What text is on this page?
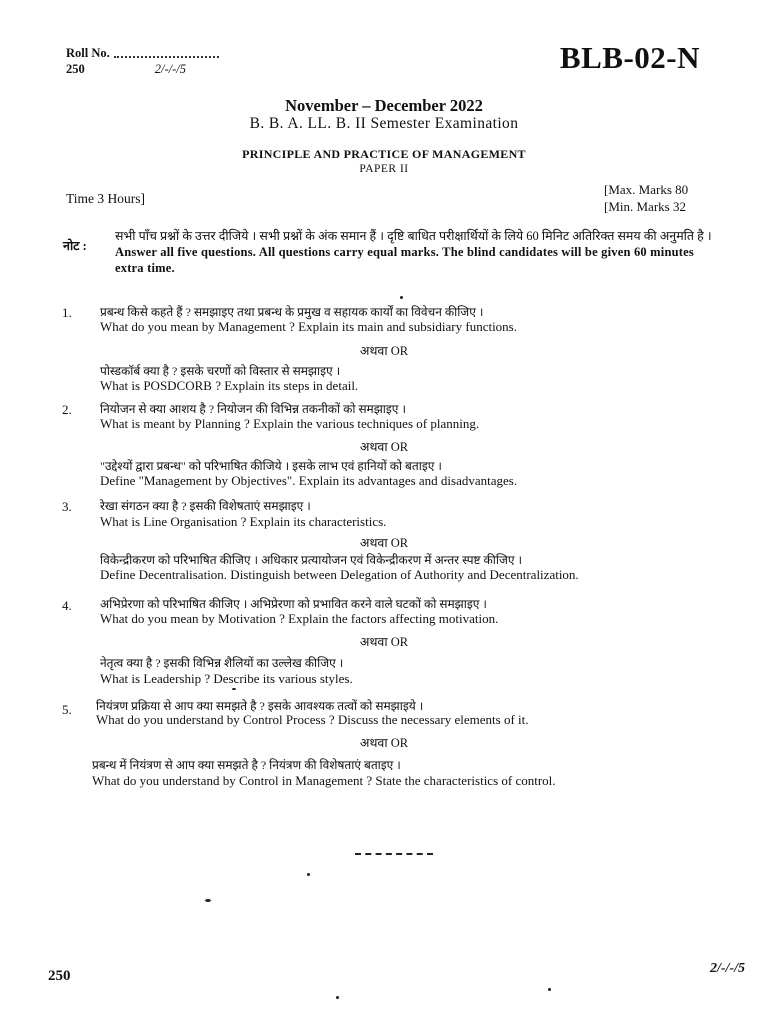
Roll No.
250	2/-/-/5	BLB-02-N
November – December 2022
B. B. A. LL. B. II Semester Examination
PRINCIPLE AND PRACTICE OF MANAGEMENT
PAPER II
Time 3 Hours]
[Max. Marks 80
[Min. Marks 32
नोट :
सभी पाँच प्रश्नों के उत्तर दीजिये । सभी प्रश्नों के अंक समान हैं । दृष्टि बाधित परीक्षार्थियों के लिये 60 मिनिट अतिरिक्त समय की अनुमति है ।
Answer all five questions. All questions carry equal marks. The blind candidates will be given 60 minutes extra time.
1. प्रबन्ध किसे कहते हैं ? समझाइए तथा प्रबन्ध के प्रमुख व सहायक कार्यों का विवेचन कीजिए ।
What do you mean by Management ? Explain its main and subsidiary functions.
अथवा OR
पोस्डकॉर्ब क्या है ? इसके चरणों को विस्तार से समझाइए ।
What is POSDCORB ? Explain its steps in detail.
2. नियोजन से क्या आशय है ? नियोजन की विभिन्न तकनीकों को समझाइए ।
What is meant by Planning ? Explain the various techniques of planning.
अथवा OR
"उद्देश्यों द्वारा प्रबन्ध" को परिभाषित कीजिये । इसके लाभ एवं हानियों को बताइए ।
Define "Management by Objectives". Explain its advantages and disadvantages.
3. रेखा संगठन क्या है ? इसकी विशेषताएं समझाइए ।
What is Line Organisation ? Explain its characteristics.
अथवा OR
विकेन्द्रीकरण को परिभाषित कीजिए । अधिकार प्रत्यायोजन एवं विकेन्द्रीकरण में अन्तर स्पष्ट कीजिए ।
Define Decentralisation. Distinguish between Delegation of Authority and Decentralization.
4. अभिप्रेरणा को परिभाषित कीजिए । अभिप्रेरणा को प्रभावित करने वाले घटकों को समझाइए ।
What do you mean by Motivation ? Explain the factors affecting motivation.
अथवा OR
नेतृत्व क्या है ? इसकी विभिन्न शैलियों का उल्लेख कीजिए ।
What is Leadership ? Describe its various styles.
5. नियंत्रण प्रक्रिया से आप क्या समझते है ? इसके आवश्यक तत्वों को समझाइये ।
What do you understand by Control Process ? Discuss the necessary elements of it.
अथवा OR
प्रबन्ध में नियंत्रण से आप क्या समझते है ? नियंत्रण की विशेषताएं बताइए ।
What do you understand by Control in Management ? State the characteristics of control.
250	2/-/-/5
